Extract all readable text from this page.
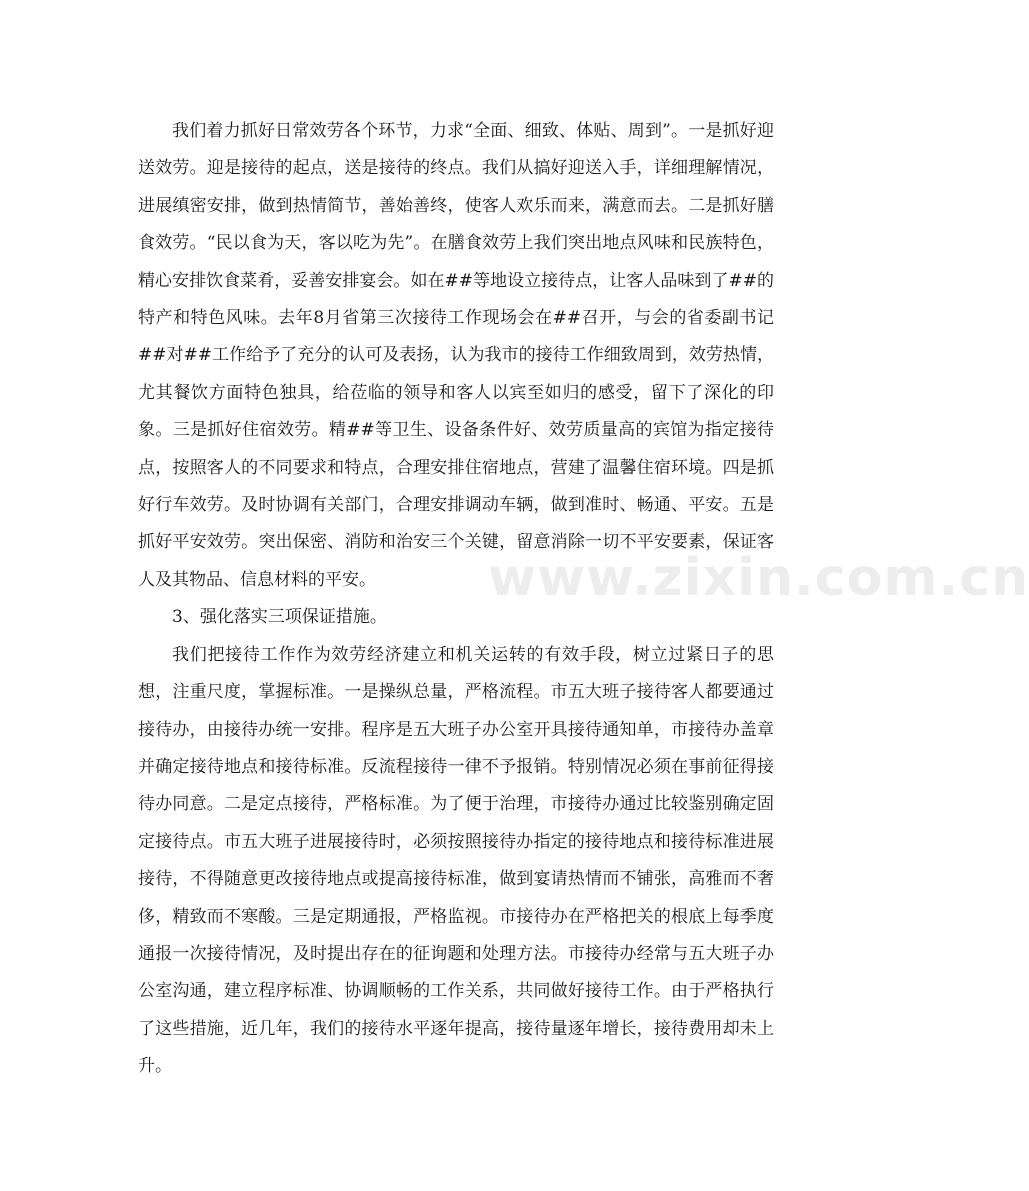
我们着力抓好日常效劳各个环节，力求“全面、细致、体贴、周到”。一是抓好迎送效劳。迎是接待的起点，送是接待的终点。我们从搞好迎送入手，详细理解情况，进展缜密安排，做到热情简节，善始善终，使客人欢乐而来，满意而去。二是抓好膳食效劳。“民以食为天，客以吃为先”。在膳食效劳上我们突出地点风味和民族特色，精心安排饮食菜肴，妥善安排宴会。如在##等地设立接待点，让客人品味到了##的特产和特色风味。去年8月省第三次接待工作现场会在##召开，与会的省委副书记##对##工作给予了充分的认可及表扬，认为我市的接待工作细致周到，效劳热情，尤其餐饮方面特色独具，给莅临的领导和客人以宾至如归的感受，留下了深化的印象。三是抓好住宿效劳。精##等卫生、设备条件好、效劳质量高的宾馆为指定接待点，按照客人的不同要求和特点，合理安排住宿地点，营建了温馨住宿环境。四是抓好行车效劳。及时协调有关部门，合理安排调动车辆，做到准时、畅通、平安。五是抓好平安效劳。突出保密、消防和治安三个关键，留意消除一切不平安要素，保证客人及其物品、信息材料的平安。

3、强化落实三项保证措施。

我们把接待工作作为效劳经济建立和机关运转的有效手段，树立过紧日子的思想，注重尺度，掌握标准。一是操纵总量，严格流程。市五大班子接待客人都要通过接待办，由接待办统一安排。程序是五大班子办公室开具接待通知单，市接待办盖章并确定接待地点和接待标准。反流程接待一律不予报销。特别情况必须在事前征得接待办同意。二是定点接待，严格标准。为了便于治理，市接待办通过比较鉴别确定固定接待点。市五大班子进展接待时，必须按照接待办指定的接待地点和接待标准进展接待，不得随意更改接待地点或提高接待标准，做到宴请热情而不铺张，高雅而不奢侈，精致而不寒酸。三是定期通报，严格监视。市接待办在严格把关的根底上每季度通报一次接待情况，及时提出存在的征询题和处理方法。市接待办经常与五大班子办公室沟通，建立程序标准、协调顺畅的工作关系，共同做好接待工作。由于严格执行了这些措施，近几年，我们的接待水平逐年提高，接待量逐年增长，接待费用却未上升。

www.zixin.com.cn
